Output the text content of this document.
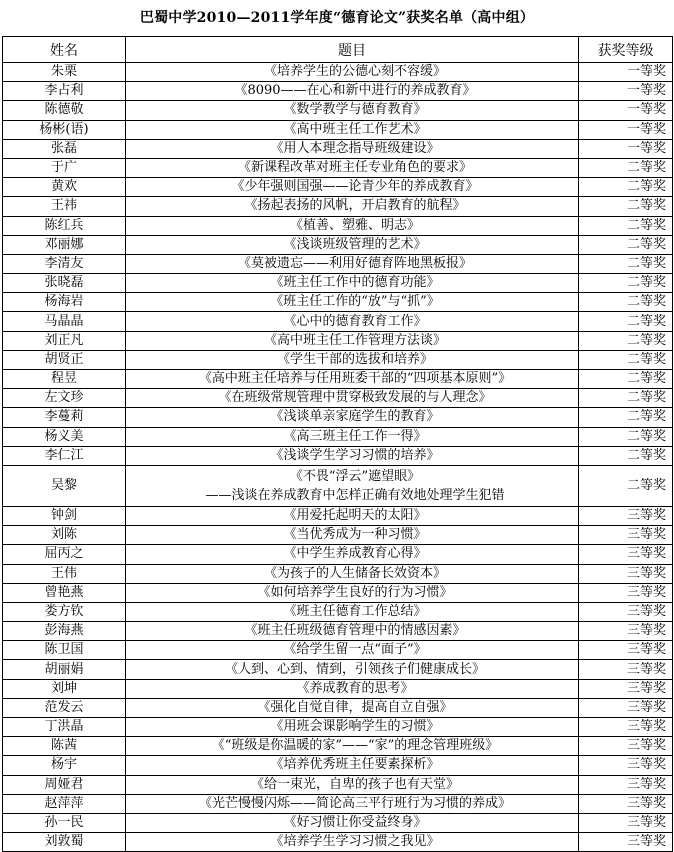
巴蜀中学2010—2011学年度“德育论文”获奖名单（高中组）
姓名	题目	获奖等级
朱栗	《培养学生的公德心刻不容缓》	一等奖
李占利	《8090——在心和新中进行的养成教育》	一等奖
陈德敬	《数学教学与德育教育》	一等奖
杨彬(语)	《高中班主任工作艺术》	一等奖
张磊	《用人本理念指导班级建设》	一等奖
于广	《新课程改革对班主任专业角色的要求》	二等奖
黄欢	《少年强则国强——论青少年的养成教育》	二等奖
王祎	《扬起表扬的风帆，开启教育的航程》	二等奖
陈红兵	《植善、塑雅、明志》	二等奖
邓丽娜	《浅谈班级管理的艺术》	二等奖
李清友	《莫被遗忘——利用好德育阵地黑板报》	二等奖
张晓磊	《班主任工作中的德育功能》	二等奖
杨海岩	《班主任工作的“放”与“抓”》	二等奖
马晶晶	《心中的德育教育工作》	二等奖
刘正凡	《高中班主任工作管理方法谈》	二等奖
胡贤正	《学生干部的选拔和培养》	二等奖
程昱	《高中班主任培养与任用班委干部的“四项基本原则”》	二等奖
左文珍	《在班级常规管理中贯穿极致发展的与人理念》	二等奖
李蔓莉	《浅谈单亲家庭学生的教育》	二等奖
杨义美	《高三班主任工作一得》	二等奖
李仁江	《浅谈学生学习习惯的培养》	二等奖
吴黎	《不畏“浮云”遮望眼》
——浅谈在养成教育中怎样正确有效地处理学生犯错	二等奖
钟剑	《用爱托起明天的太阳》	三等奖
刘陈	《当优秀成为一种习惯》	三等奖
屈丙之	《中学生养成教育心得》	三等奖
王伟	《为孩子的人生储备长效资本》	三等奖
曾艳燕	《如何培养学生良好的行为习惯》	三等奖
娄方钦	《班主任德育工作总结》	三等奖
彭海燕	《班主任班级德育管理中的情感因素》	三等奖
陈卫国	《给学生留一点“面子”》	三等奖
胡丽娟	《人到、心到、情到，引领孩子们健康成长》	三等奖
刘坤	《养成教育的思考》	三等奖
范发云	《强化自觉自律，提高自立自强》	三等奖
丁洪晶	《用班会课影响学生的习惯》	三等奖
陈茜	《“班级是你温暖的家”——“家”的理念管理班级》	三等奖
杨宇	《培养优秀班主任要素探析》	三等奖
周娅君	《给一束光，自卑的孩子也有天堂》	三等奖
赵萍萍	《光芒慢慢闪烁——简论高三平行班行为习惯的养成》	三等奖
孙一民	《好习惯让你受益终身》	三等奖
刘敦蜀	《培养学生学习习惯之我见》	三等奖
